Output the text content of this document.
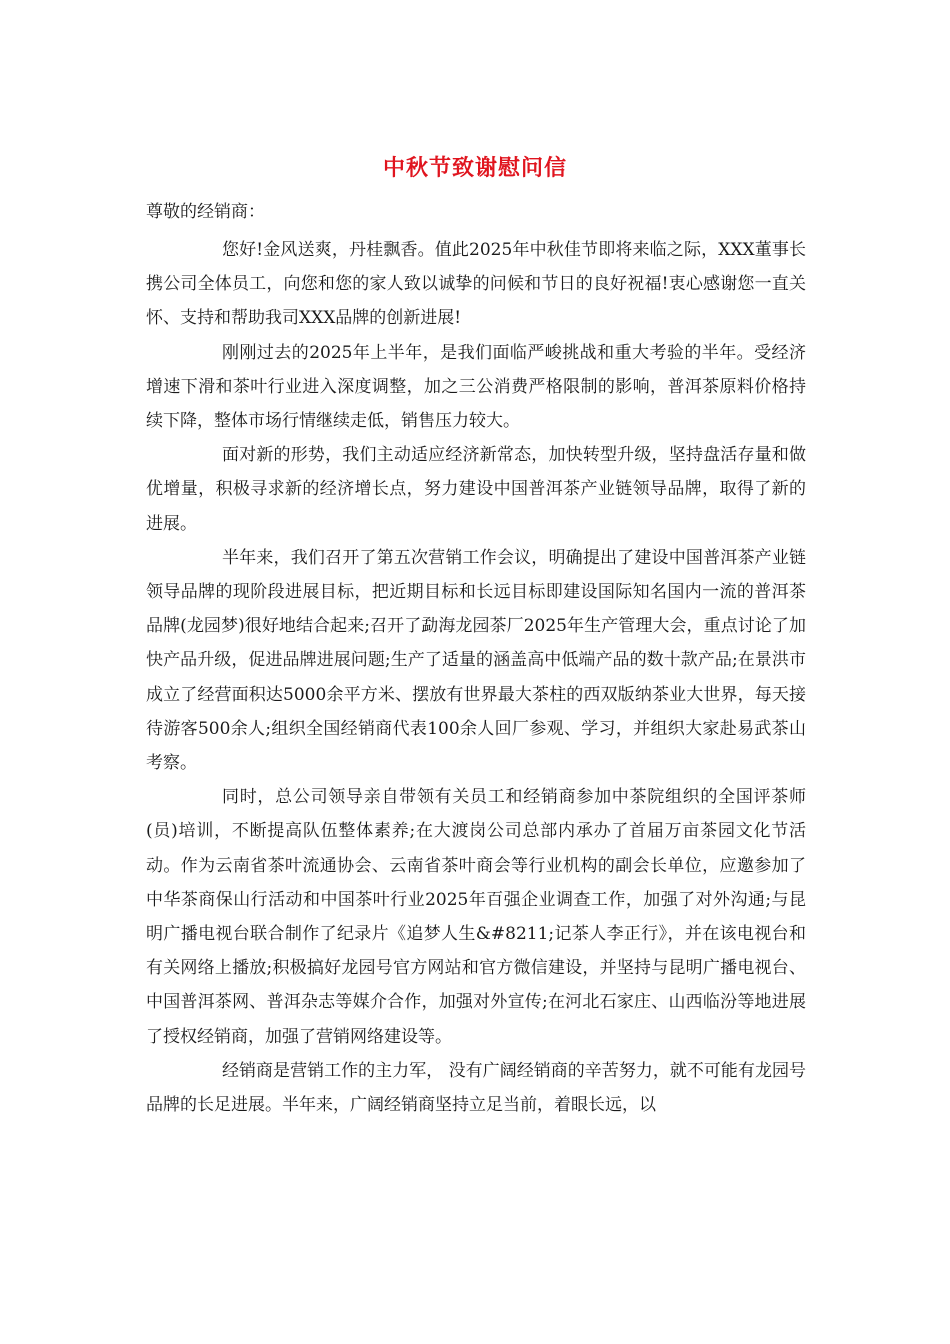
中秋节致谢慰问信

尊敬的经销商：

您好!金风送爽，丹桂飘香。值此2025年中秋佳节即将来临之际，XXX董事长携公司全体员工，向您和您的家人致以诚挚的问候和节日的良好祝福!衷心感谢您一直关怀、支持和帮助我司XXX品牌的创新进展!

刚刚过去的2025年上半年，是我们面临严峻挑战和重大考验的半年。受经济增速下滑和茶叶行业进入深度调整，加之三公消费严格限制的影响，普洱茶原料价格持续下降，整体市场行情继续走低，销售压力较大。

面对新的形势，我们主动适应经济新常态，加快转型升级，坚持盘活存量和做优增量，积极寻求新的经济增长点，努力建设中国普洱茶产业链领导品牌，取得了新的进展。

半年来，我们召开了第五次营销工作会议，明确提出了建设中国普洱茶产业链领导品牌的现阶段进展目标，把近期目标和长远目标即建设国际知名国内一流的普洱茶品牌(龙园梦)很好地结合起来;召开了勐海龙园茶厂2025年生产管理大会，重点讨论了加快产品升级，促进品牌进展问题;生产了适量的涵盖高中低端产品的数十款产品;在景洪市成立了经营面积达5000余平方米、摆放有世界最大茶柱的西双版纳茶业大世界，每天接待游客500余人;组织全国经销商代表100余人回厂参观、学习，并组织大家赴易武茶山考察。

同时，总公司领导亲自带领有关员工和经销商参加中茶院组织的全国评茶师(员)培训，不断提高队伍整体素养;在大渡岗公司总部内承办了首届万亩茶园文化节活动。作为云南省茶叶流通协会、云南省茶叶商会等行业机构的副会长单位，应邀参加了中华茶商保山行活动和中国茶叶行业2025年百强企业调查工作，加强了对外沟通;与昆明广播电视台联合制作了纪录片《追梦人生&#8211;记茶人李正行》，并在该电视台和有关网络上播放;积极搞好龙园号官方网站和官方微信建设，并坚持与昆明广播电视台、中国普洱茶网、普洱杂志等媒介合作，加强对外宣传;在河北石家庄、山西临汾等地进展了授权经销商，加强了营销网络建设等。

经销商是营销工作的主力军， 没有广阔经销商的辛苦努力，就不可能有龙园号品牌的长足进展。半年来，广阔经销商坚持立足当前，着眼长远，以
